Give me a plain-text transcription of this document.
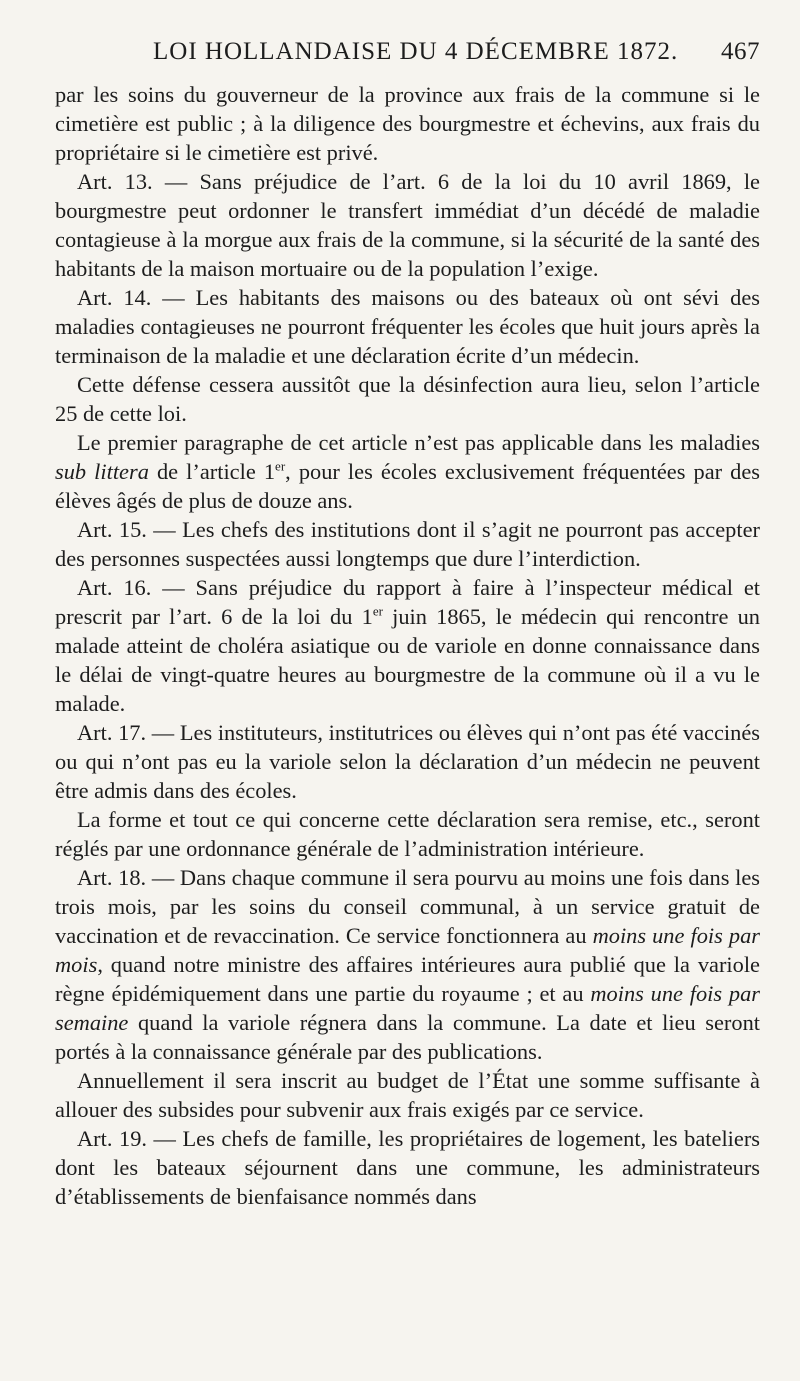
LOI HOLLANDAISE DU 4 DÉCEMBRE 1872. 467

par les soins du gouverneur de la province aux frais de la commune si le cimetière est public ; à la diligence des bourgmestre et échevins, aux frais du propriétaire si le cimetière est privé.

Art. 13. — Sans préjudice de l’art. 6 de la loi du 10 avril 1869, le bourgmestre peut ordonner le transfert immédiat d’un décédé de maladie contagieuse à la morgue aux frais de la commune, si la sécurité de la santé des habitants de la maison mortuaire ou de la population l’exige.

Art. 14. — Les habitants des maisons ou des bateaux où ont sévi des maladies contagieuses ne pourront fréquenter les écoles que huit jours après la terminaison de la maladie et une déclaration écrite d’un médecin.

Cette défense cessera aussitôt que la désinfection aura lieu, selon l’article 25 de cette loi.

Le premier paragraphe de cet article n’est pas applicable dans les maladies sub littera de l’article 1er, pour les écoles exclusivement fréquentées par des élèves âgés de plus de douze ans.

Art. 15. — Les chefs des institutions dont il s’agit ne pourront pas accepter des personnes suspectées aussi longtemps que dure l’interdiction.

Art. 16. — Sans préjudice du rapport à faire à l’inspecteur médical et prescrit par l’art. 6 de la loi du 1er juin 1865, le médecin qui rencontre un malade atteint de choléra asiatique ou de variole en donne connaissance dans le délai de vingt-quatre heures au bourgmestre de la commune où il a vu le malade.

Art. 17. — Les instituteurs, institutrices ou élèves qui n’ont pas été vaccinés ou qui n’ont pas eu la variole selon la déclaration d’un médecin ne peuvent être admis dans des écoles.

La forme et tout ce qui concerne cette déclaration sera remise, etc., seront réglés par une ordonnance générale de l’administration intérieure.

Art. 18. — Dans chaque commune il sera pourvu au moins une fois dans les trois mois, par les soins du conseil communal, à un service gratuit de vaccination et de revaccination. Ce service fonctionnera au moins une fois par mois, quand notre ministre des affaires intérieures aura publié que la variole règne épidémiquement dans une partie du royaume ; et au moins une fois par semaine quand la variole régnera dans la commune. La date et lieu seront portés à la connaissance générale par des publications.

Annuellement il sera inscrit au budget de l’État une somme suffisante à allouer des subsides pour subvenir aux frais exigés par ce service.

Art. 19. — Les chefs de famille, les propriétaires de logement, les bateliers dont les bateaux séjournent dans une commune, les administrateurs d’établissements de bienfaisance nommés dans
